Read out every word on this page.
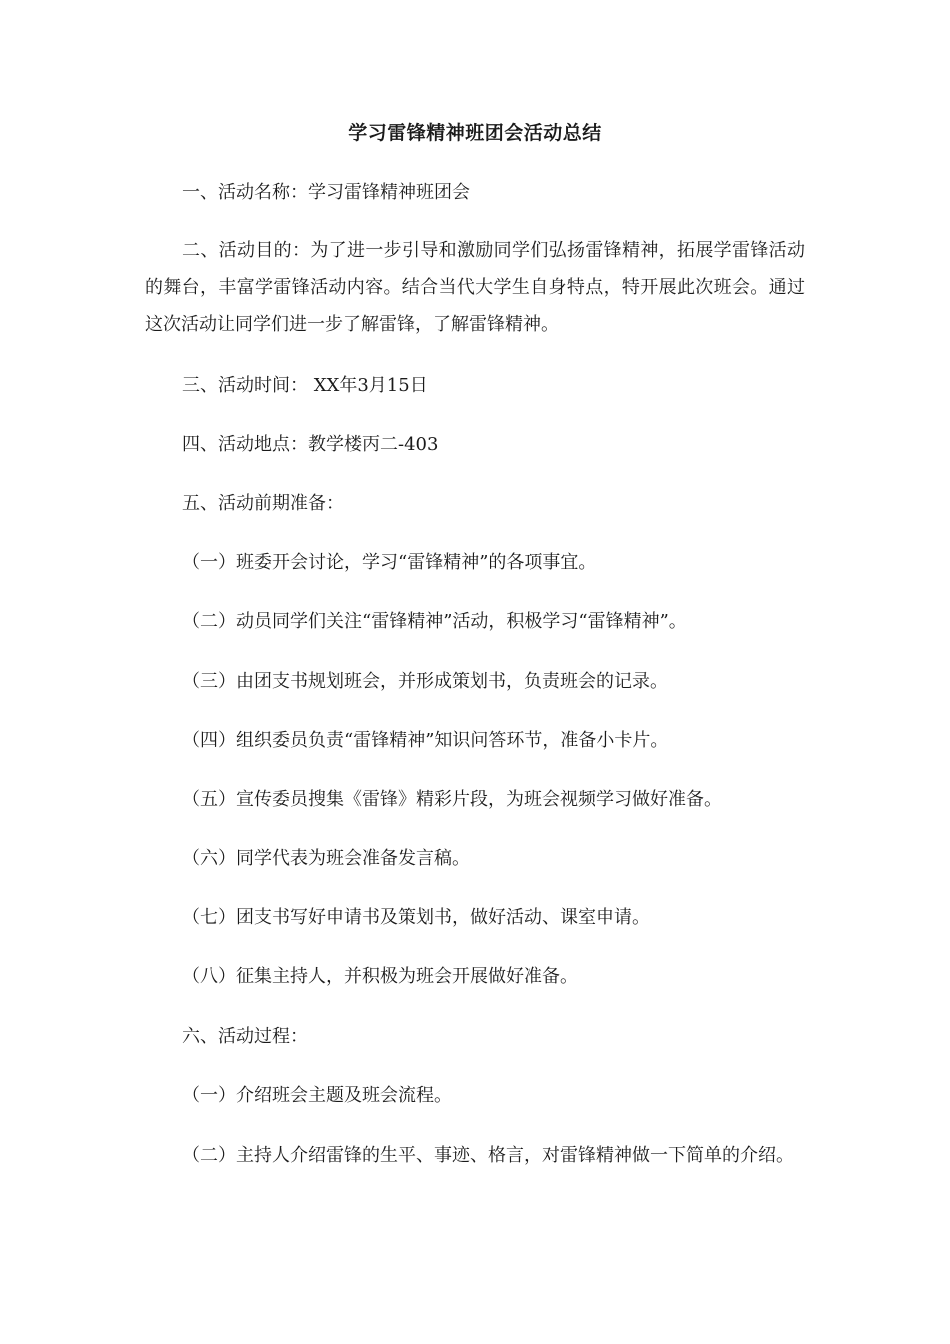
学习雷锋精神班团会活动总结

一、活动名称：学习雷锋精神班团会

二、活动目的：为了进一步引导和激励同学们弘扬雷锋精神，拓展学雷锋活动的舞台，丰富学雷锋活动内容。结合当代大学生自身特点，特开展此次班会。通过这次活动让同学们进一步了解雷锋，了解雷锋精神。

三、活动时间： XX年3月15日

四、活动地点：教学楼丙二-403

五、活动前期准备：

（一）班委开会讨论，学习“雷锋精神”的各项事宜。

（二）动员同学们关注“雷锋精神”活动，积极学习“雷锋精神”。

（三）由团支书规划班会，并形成策划书，负责班会的记录。

（四）组织委员负责“雷锋精神”知识问答环节，准备小卡片。

（五）宣传委员搜集《雷锋》精彩片段，为班会视频学习做好准备。

（六）同学代表为班会准备发言稿。

（七）团支书写好申请书及策划书，做好活动、课室申请。

（八）征集主持人，并积极为班会开展做好准备。

六、活动过程：

（一）介绍班会主题及班会流程。

（二）主持人介绍雷锋的生平、事迹、格言，对雷锋精神做一下简单的介绍。
